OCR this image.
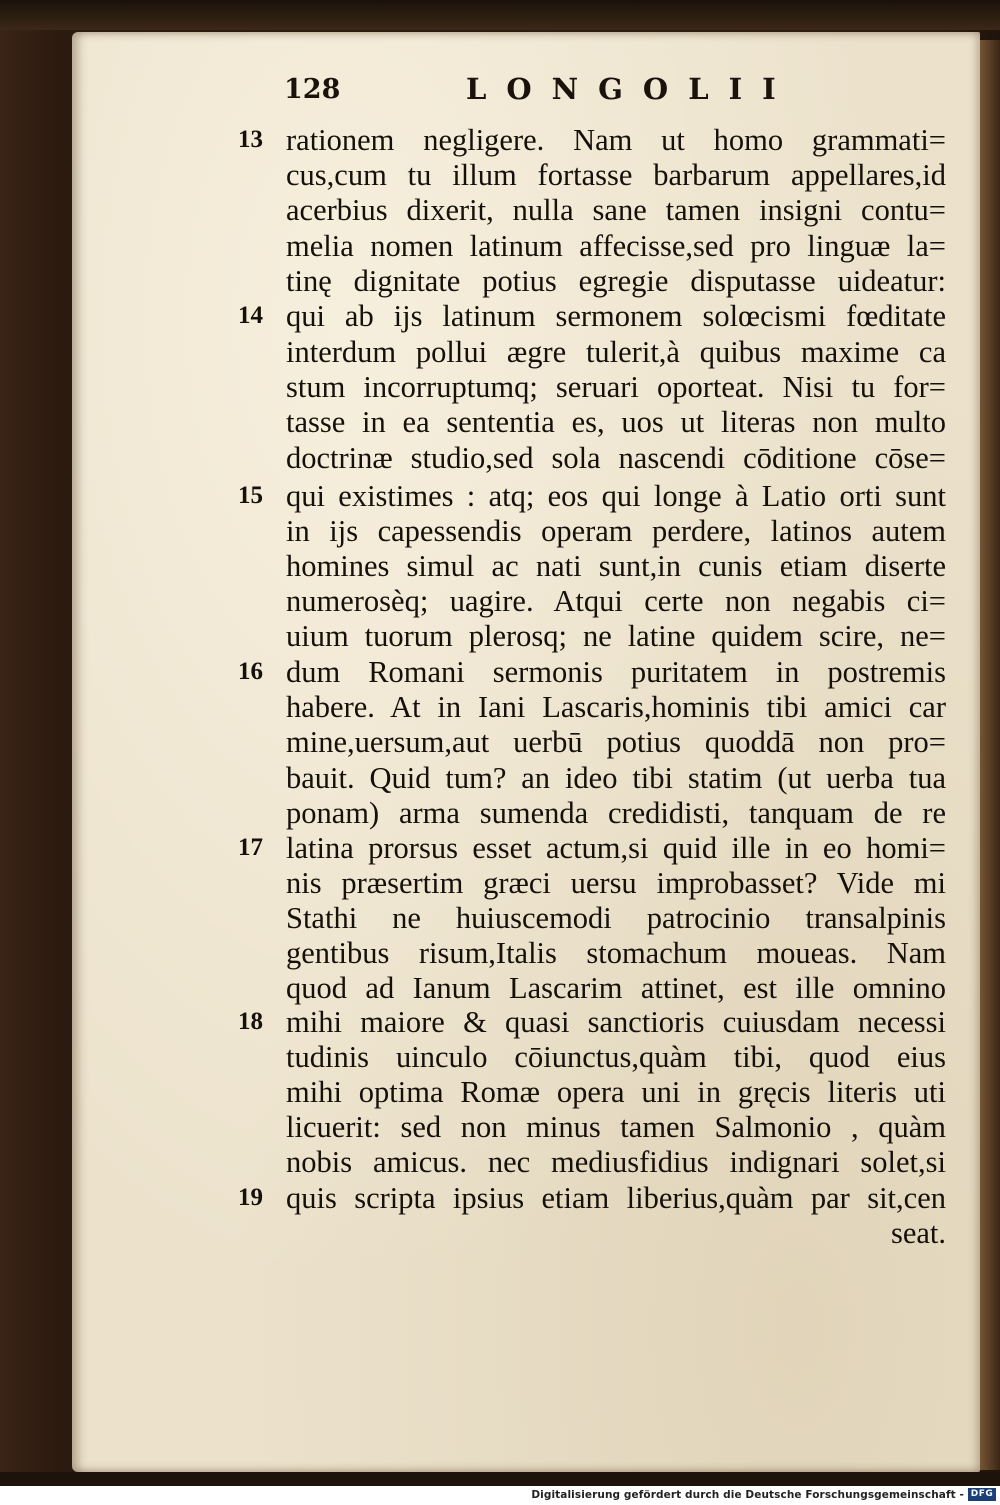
128	LONGOLII
13
14
15
16
17
18
19
rationem negligere. Nam ut homo grammati=
cus,cum tu illum fortasse barbarum appellares,id
acerbius dixerit, nulla sane tamen insigni contu=
melia nomen latinum affecisse,sed pro linguæ la=
tinę dignitate potius egregie disputasse uideatur:
qui ab ijs latinum sermonem solœcismi fœditate
interdum pollui ægre tulerit,à quibus maxime ca
stum incorruptumq; seruari oporteat. Nisi tu for=
tasse in ea sententia es, uos ut literas non multo
doctrinæ studio,sed sola nascendi cōditione cōse=
qui existimes : atq; eos qui longe à Latio orti sunt
in ijs capessendis operam perdere, latinos autem
homines simul ac nati sunt,in cunis etiam diserte
numerosèq; uagire. Atqui certe non negabis ci=
uium tuorum plerosq; ne latine quidem scire, ne=
dum Romani sermonis puritatem in postremis
habere. At in Iani Lascaris,hominis tibi amici car
mine,uersum,aut uerbū potius quoddā non pro=
bauit. Quid tum? an ideo tibi statim (ut uerba tua
ponam) arma sumenda credidisti, tanquam de re
latina prorsus esset actum,si quid ille in eo homi=
nis præsertim græci uersu improbasset? Vide mi
Stathi ne huiuscemodi patrocinio transalpinis
gentibus risum,Italis stomachum moueas. Nam
quod ad Ianum Lascarim attinet, est ille omnino
mihi maiore & quasi sanctioris cuiusdam necessi
tudinis uinculo cōiunctus,quàm tibi, quod eius
mihi optima Romæ opera uni in gręcis literis uti
licuerit: sed non minus tamen Salmonio , quàm
nobis amicus. nec mediusfidius indignari solet,si
quis scripta ipsius etiam liberius,quàm par sit,cen
seat.
Digitalisierung gefördert durch die Deutsche Forschungsgemeinschaft - DFG
